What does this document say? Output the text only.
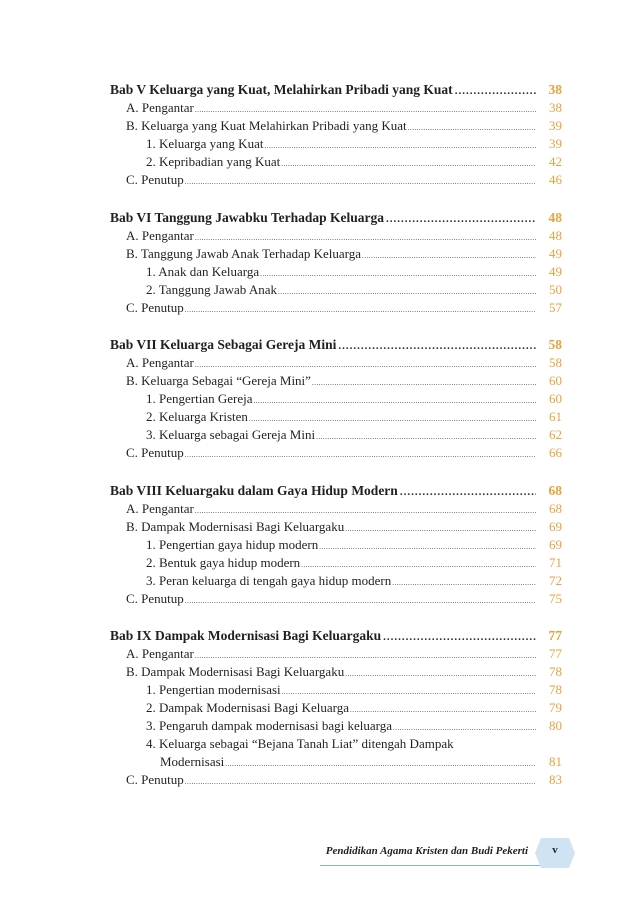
Bab V Keluarga yang Kuat, Melahirkan Pribadi yang Kuat .....	38
A. Pengantar .....	38
B. Keluarga yang Kuat Melahirkan Pribadi yang Kuat .....	39
1. Keluarga yang Kuat .....	39
2. Kepribadian yang Kuat .....	42
C. Penutup .....	46
Bab VI Tanggung Jawabku Terhadap Keluarga .....	48
A. Pengantar .....	48
B. Tanggung Jawab Anak Terhadap Keluarga .....	49
1. Anak dan Keluarga .....	49
2. Tanggung Jawab Anak .....	50
C. Penutup .....	57
Bab VII Keluarga Sebagai Gereja Mini .....	58
A. Pengantar .....	58
B. Keluarga Sebagai “Gereja Mini” .....	60
1. Pengertian Gereja .....	60
2. Keluarga Kristen .....	61
3. Keluarga sebagai Gereja Mini .....	62
C. Penutup .....	66
Bab VIII Keluargaku dalam Gaya Hidup Modern .....	68
A. Pengantar .....	68
B. Dampak Modernisasi Bagi Keluargaku .....	69
1. Pengertian gaya hidup modern .....	69
2. Bentuk gaya hidup modern .....	71
3. Peran keluarga di tengah gaya hidup modern .....	72
C. Penutup .....	75
Bab IX Dampak Modernisasi Bagi Keluargaku .....	77
A. Pengantar .....	77
B. Dampak Modernisasi Bagi Keluargaku .....	78
1. Pengertian modernisasi .....	78
2. Dampak Modernisasi Bagi Keluarga .....	79
3. Pengaruh dampak modernisasi bagi keluarga .....	80
4. Keluarga sebagai “Bejana Tanah Liat” ditengah Dampak
Modernisasi .....	81
C. Penutup .....	83
Pendidikan Agama Kristen dan Budi Pekerti	v
